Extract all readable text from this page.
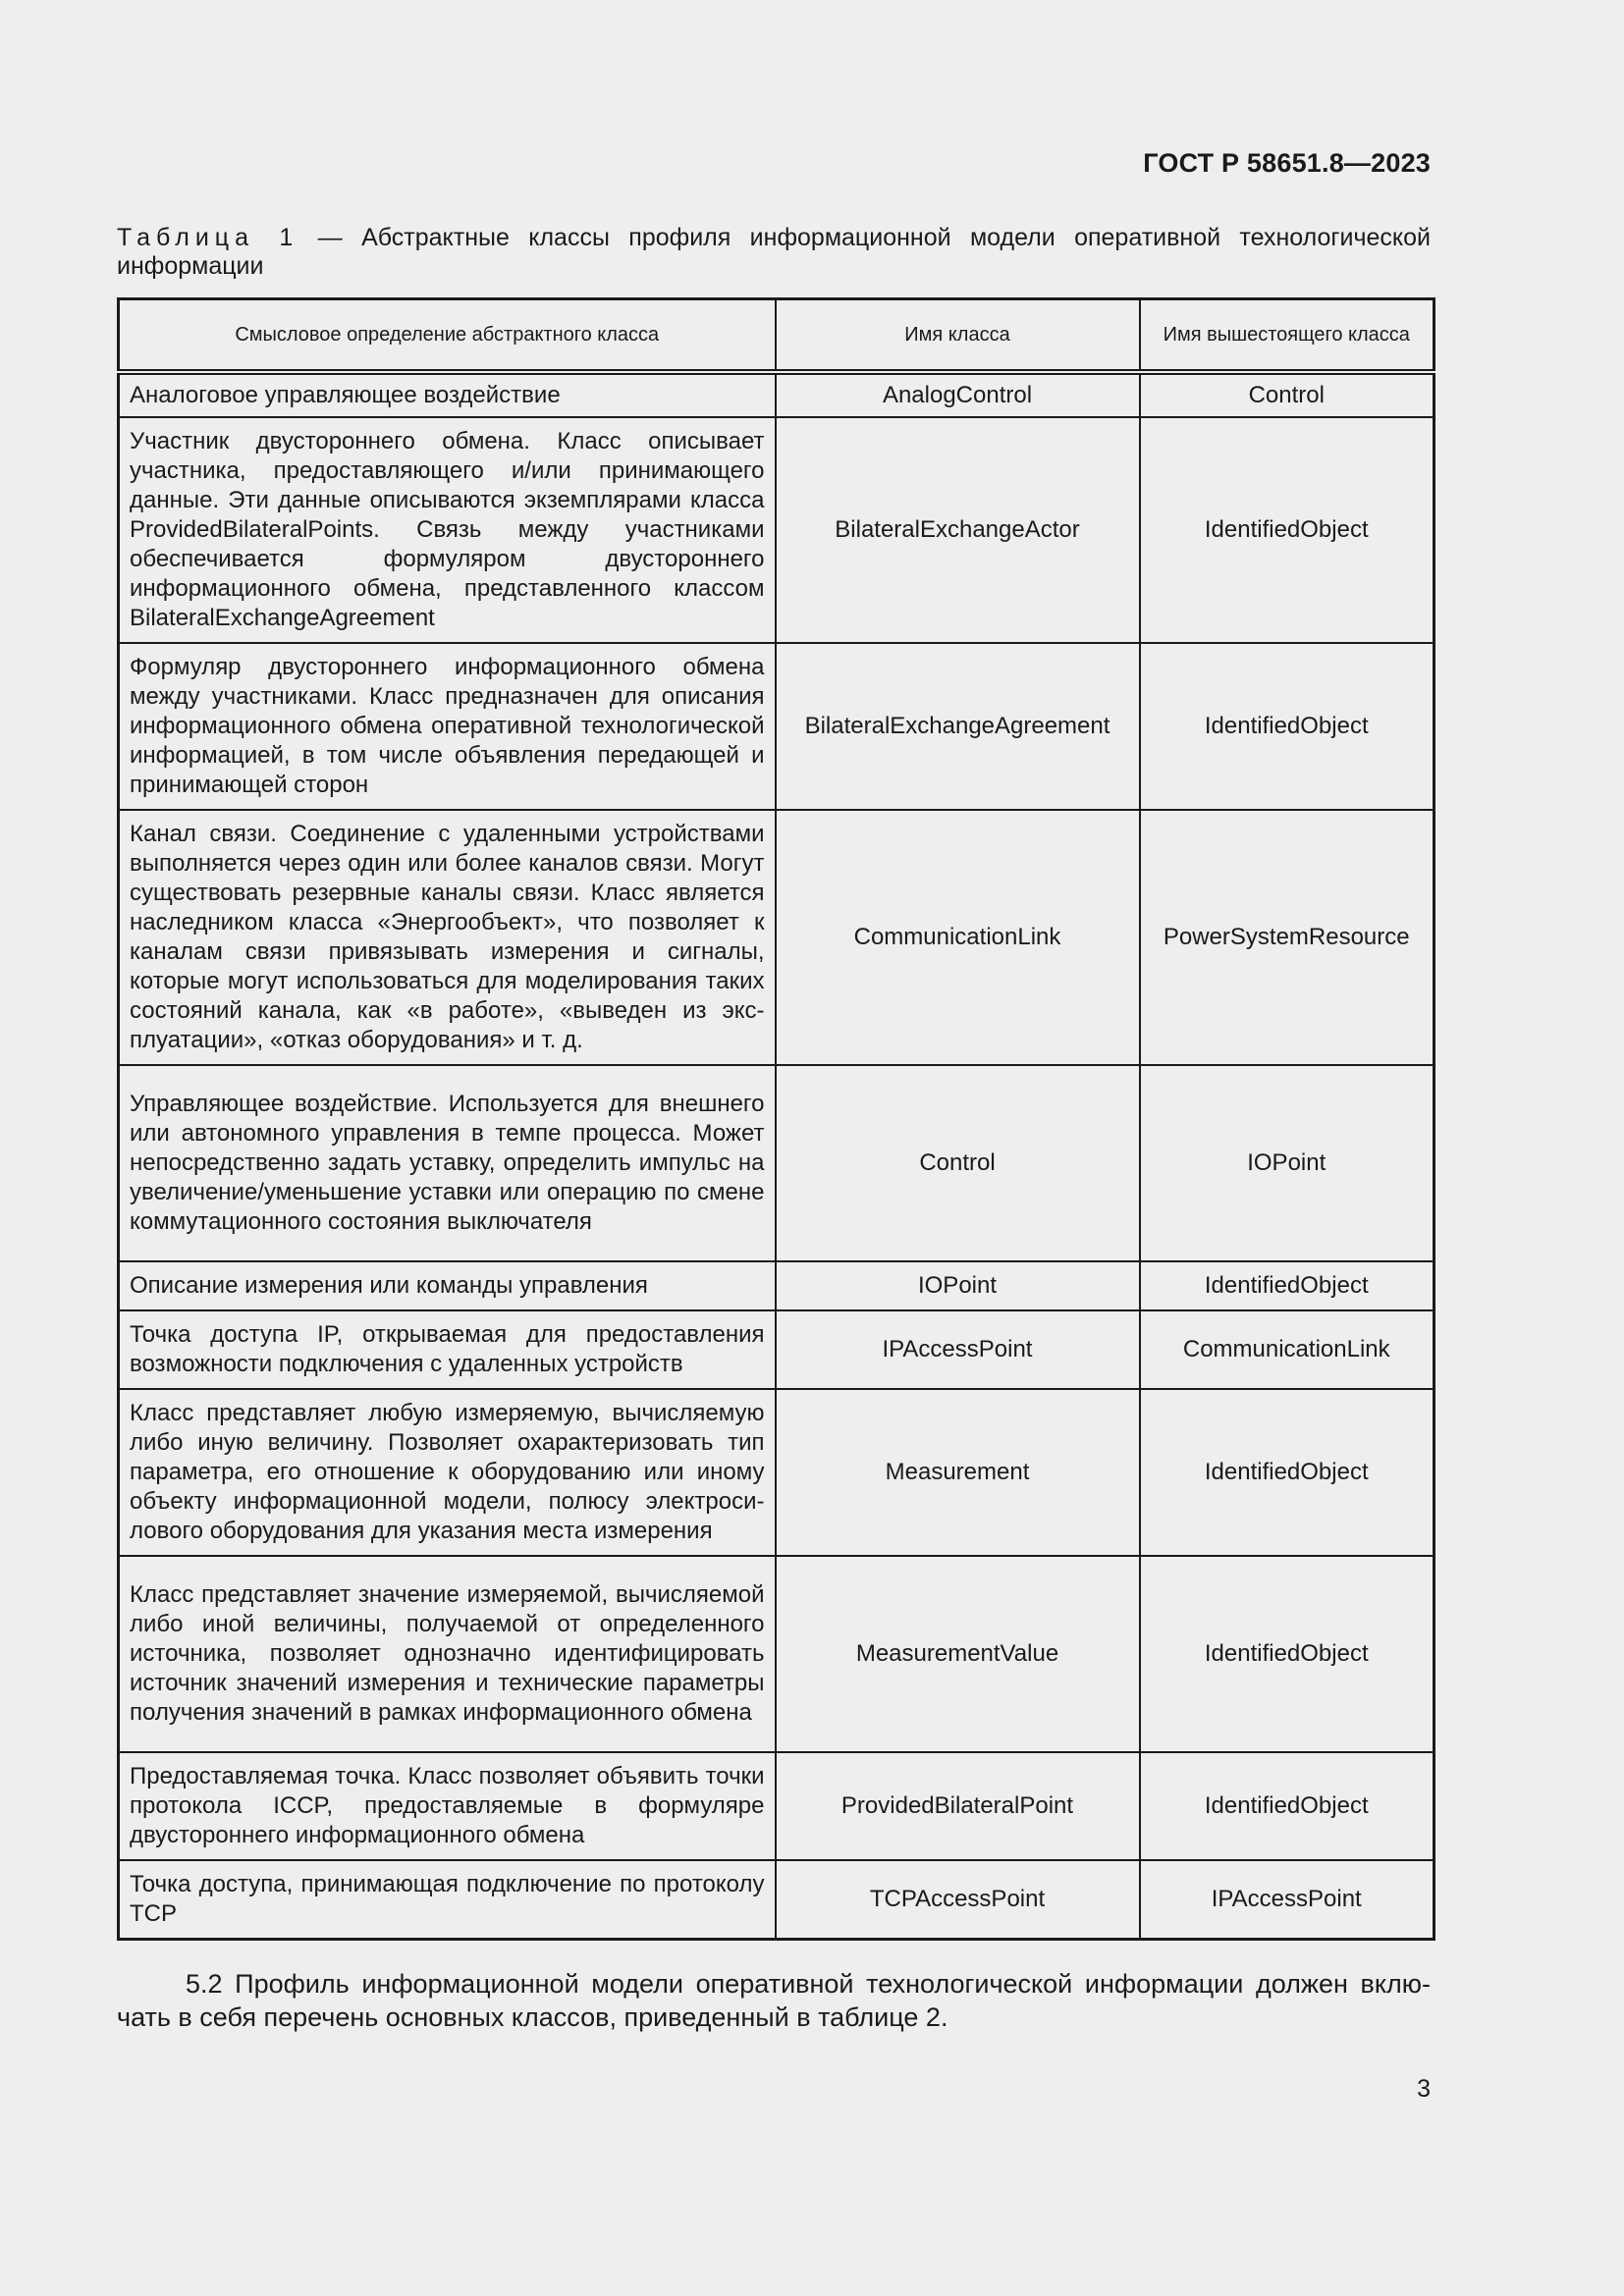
ГОСТ Р 58651.8—2023
Таблица 1 — Абстрактные классы профиля информационной модели оперативной технологической информации
Смысловое определение абстрактного класса	Имя класса	Имя вышестоящего класса
Аналоговое управляющее воздействие	AnalogControl	Control
Участник двустороннего обмена. Класс описывает участника, предоставляющего и/или принимающего данные. Эти данные описываются экземплярами класса ProvidedBilateralPoints. Связь между участниками обеспечивается формуляром двустороннего информационного обмена, представленного классом BilateralExchangeAgreement	BilateralExchangeActor	IdentifiedObject
Формуляр двустороннего информационного обмена между участниками. Класс предназначен для описания информационного обмена оперативной технологической информацией, в том числе объявления передающей и принимающей сторон	BilateralExchangeAgreement	IdentifiedObject
Канал связи. Соединение с удаленными устройствами выполняется через один или более каналов связи. Могут существовать резервные каналы связи. Класс является наследником класса «Энергообъект», что позволяет к каналам связи привязывать измерения и сигналы, которые могут использоваться для моделирования таких состояний канала, как «в работе», «выведен из эксплуатации», «отказ оборудования» и т. д.	CommunicationLink	PowerSystemResource
Управляющее воздействие. Используется для внешнего или автономного управления в темпе процесса. Может непосредственно задать уставку, определить импульс на увеличение/уменьшение уставки или операцию по смене коммутационного состояния выключателя	Control	IOPoint
Описание измерения или команды управления	IOPoint	IdentifiedObject
Точка доступа IP, открываемая для предоставления возможности подключения с удаленных устройств	IPAccessPoint	CommunicationLink
Класс представляет любую измеряемую, вычисляемую либо иную величину. Позволяет охарактеризовать тип параметра, его отношение к оборудованию или иному объекту информационной модели, полюсу электросилового оборудования для указания места измерения	Measurement	IdentifiedObject
Класс представляет значение измеряемой, вычисляемой либо иной величины, получаемой от определенного источника, позволяет однозначно идентифицировать источник значений измерения и технические параметры получения значений в рамках информационного обмена	MeasurementValue	IdentifiedObject
Предоставляемая точка. Класс позволяет объявить точки протокола ICCP, предоставляемые в формуляре двустороннего информационного обмена	ProvidedBilateralPoint	IdentifiedObject
Точка доступа, принимающая подключение по протоколу TCP	TCPAccessPoint	IPAccessPoint
5.2 Профиль информационной модели оперативной технологической информации должен включать в себя перечень основных классов, приведенный в таблице 2.
3
